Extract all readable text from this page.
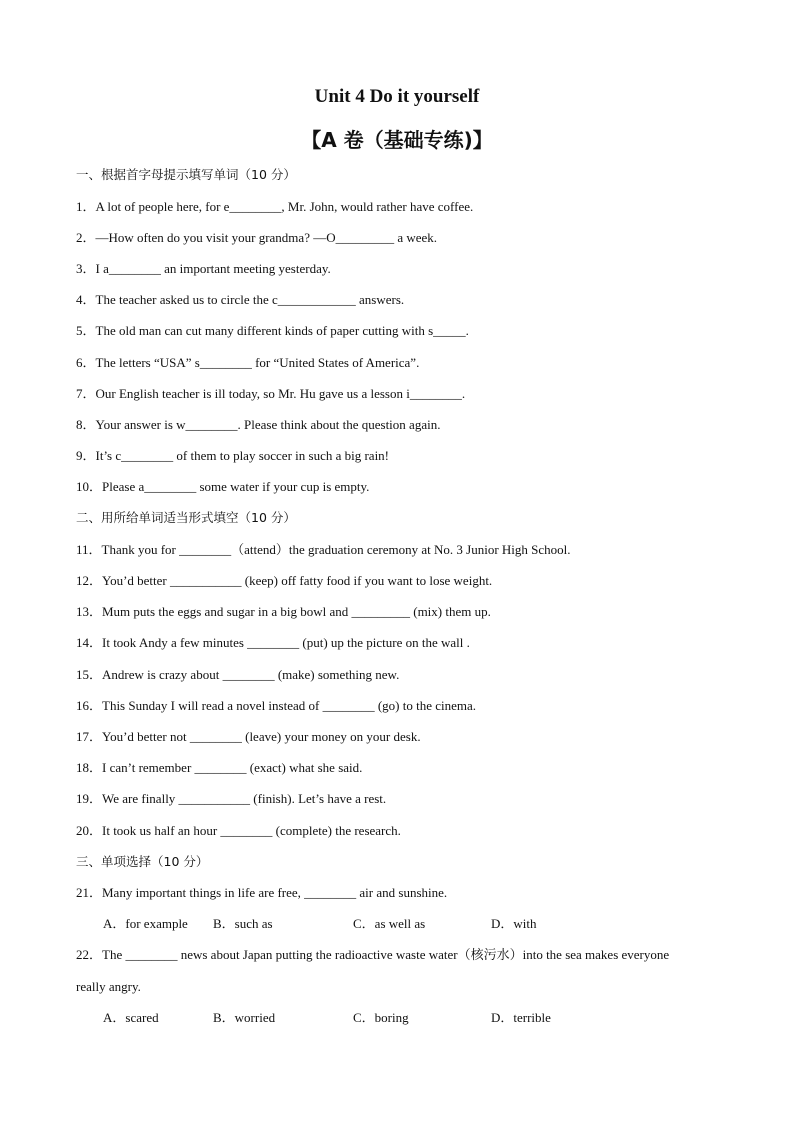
Unit 4 Do it yourself
【A 卷（基础专练)】
一、根据首字母提示填写单词（10 分）
1．A lot of people here, for e________, Mr. John, would rather have coffee.
2．—How often do you visit your grandma? —O_________ a week.
3．I a________ an important meeting yesterday.
4．The teacher asked us to circle the c____________ answers.
5．The old man can cut many different kinds of paper cutting with s_____.
6．The letters “USA” s________ for “United States of America”.
7．Our English teacher is ill today, so Mr. Hu gave us a lesson i________.
8．Your answer is w________. Please think about the question again.
9．It’s c________ of them to play soccer in such a big rain!
10．Please a________ some water if your cup is empty.
二、用所给单词适当形式填空（10 分）
11．Thank you for ________（attend）the graduation ceremony at No. 3 Junior High School.
12．You’d better ___________ (keep) off fatty food if you want to lose weight.
13．Mum puts the eggs and sugar in a big bowl and _________ (mix) them up.
14．It took Andy a few minutes ________ (put) up the picture on the wall .
15．Andrew is crazy about ________ (make) something new.
16．This Sunday I will read a novel instead of ________ (go) to the cinema.
17．You’d better not ________ (leave) your money on your desk.
18．I can’t remember ________ (exact) what she said.
19．We are finally ___________ (finish). Let’s have a rest.
20．It took us half an hour ________ (complete) the research.
三、单项选择（10 分）
21．Many important things in life are free, ________ air and sunshine.
A．for example B．such as	C．as well as	D．with
22．The ________ news about Japan putting the radioactive waste water（核污水）into the sea makes everyone
really angry.
A．scared	B．worried	C．boring	D．terrible
